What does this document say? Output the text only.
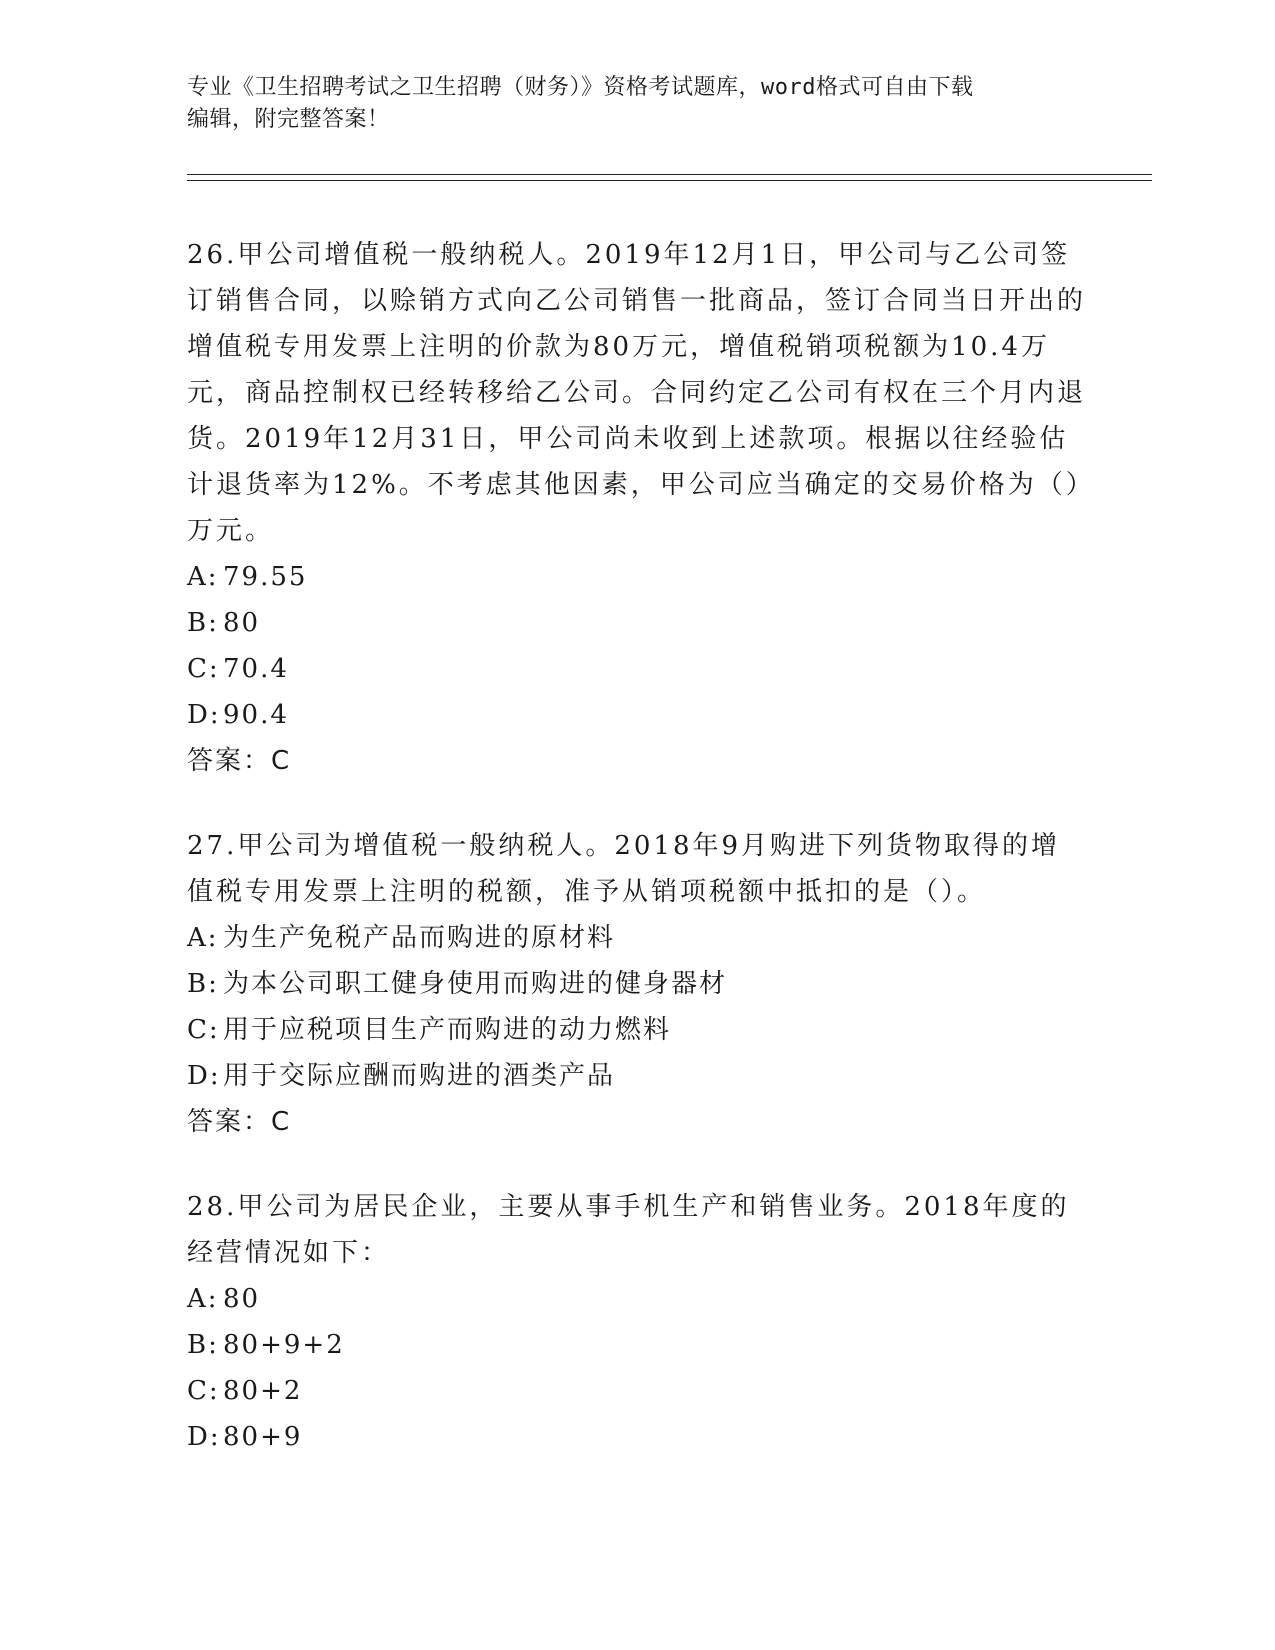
专业《卫生招聘考试之卫生招聘（财务）》资格考试题库，word格式可自由下载

编辑，附完整答案！

26.甲公司增值税一般纳税人。2019年12月1日，甲公司与乙公司签订销售合同，以赊销方式向乙公司销售一批商品，签订合同当日开出的增值税专用发票上注明的价款为80万元，增值税销项税额为10.4万元，商品控制权已经转移给乙公司。合同约定乙公司有权在三个月内退货。2019年12月31日，甲公司尚未收到上述款项。根据以往经验估计退货率为12%。不考虑其他因素，甲公司应当确定的交易价格为（）万元。

A: 79.55

B: 80

C: 70.4

D:90.4

答案：C

27.甲公司为增值税一般纳税人。2018年9月购进下列货物取得的增值税专用发票上注明的税额，准予从销项税额中抵扣的是（）。

A: 为生产免税产品而购进的原材料

B: 为本公司职工健身使用而购进的健身器材

C: 用于应税项目生产而购进的动力燃料

D:用于交际应酬而购进的酒类产品

答案：C

28.甲公司为居民企业，主要从事手机生产和销售业务。2018年度的经营情况如下：

A: 80

B: 80+9+2

C: 80+2

D:80+9
